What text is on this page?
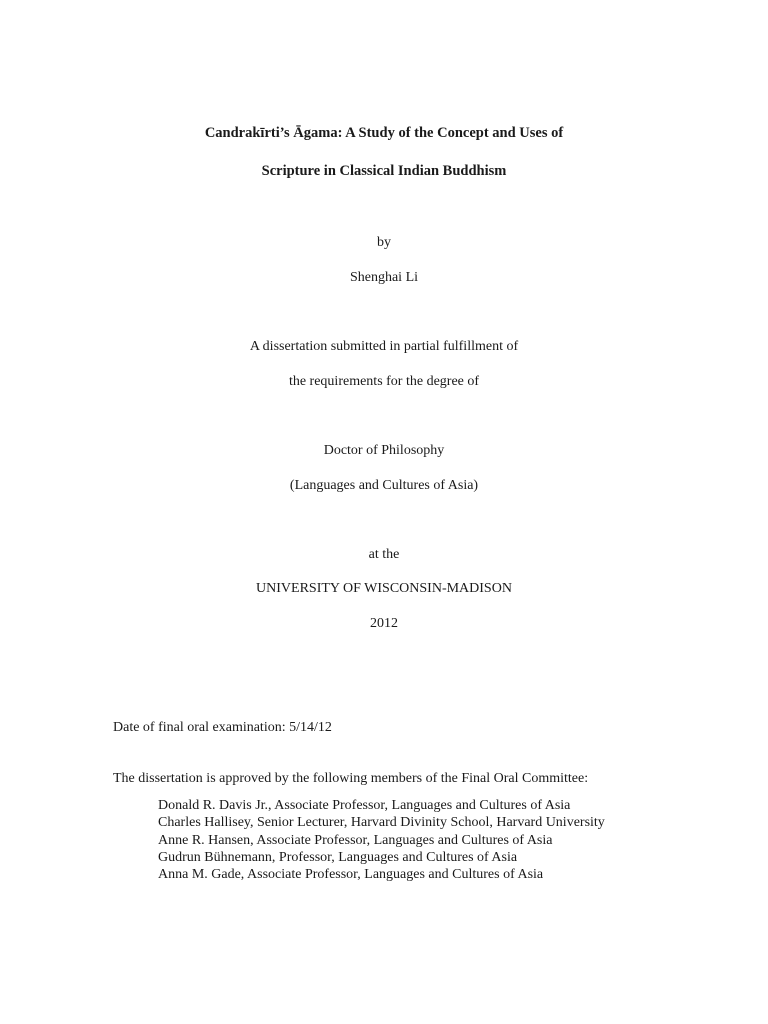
Candrakīrti’s Āgama: A Study of the Concept and Uses of
Scripture in Classical Indian Buddhism
by
Shenghai Li
A dissertation submitted in partial fulfillment of
the requirements for the degree of
Doctor of Philosophy
(Languages and Cultures of Asia)
at the
UNIVERSITY OF WISCONSIN-MADISON
2012
Date of final oral examination: 5/14/12
The dissertation is approved by the following members of the Final Oral Committee:
Donald R. Davis Jr., Associate Professor, Languages and Cultures of Asia
Charles Hallisey, Senior Lecturer, Harvard Divinity School, Harvard University
Anne R. Hansen, Associate Professor, Languages and Cultures of Asia
Gudrun Bühnemann, Professor, Languages and Cultures of Asia
Anna M. Gade, Associate Professor, Languages and Cultures of Asia
